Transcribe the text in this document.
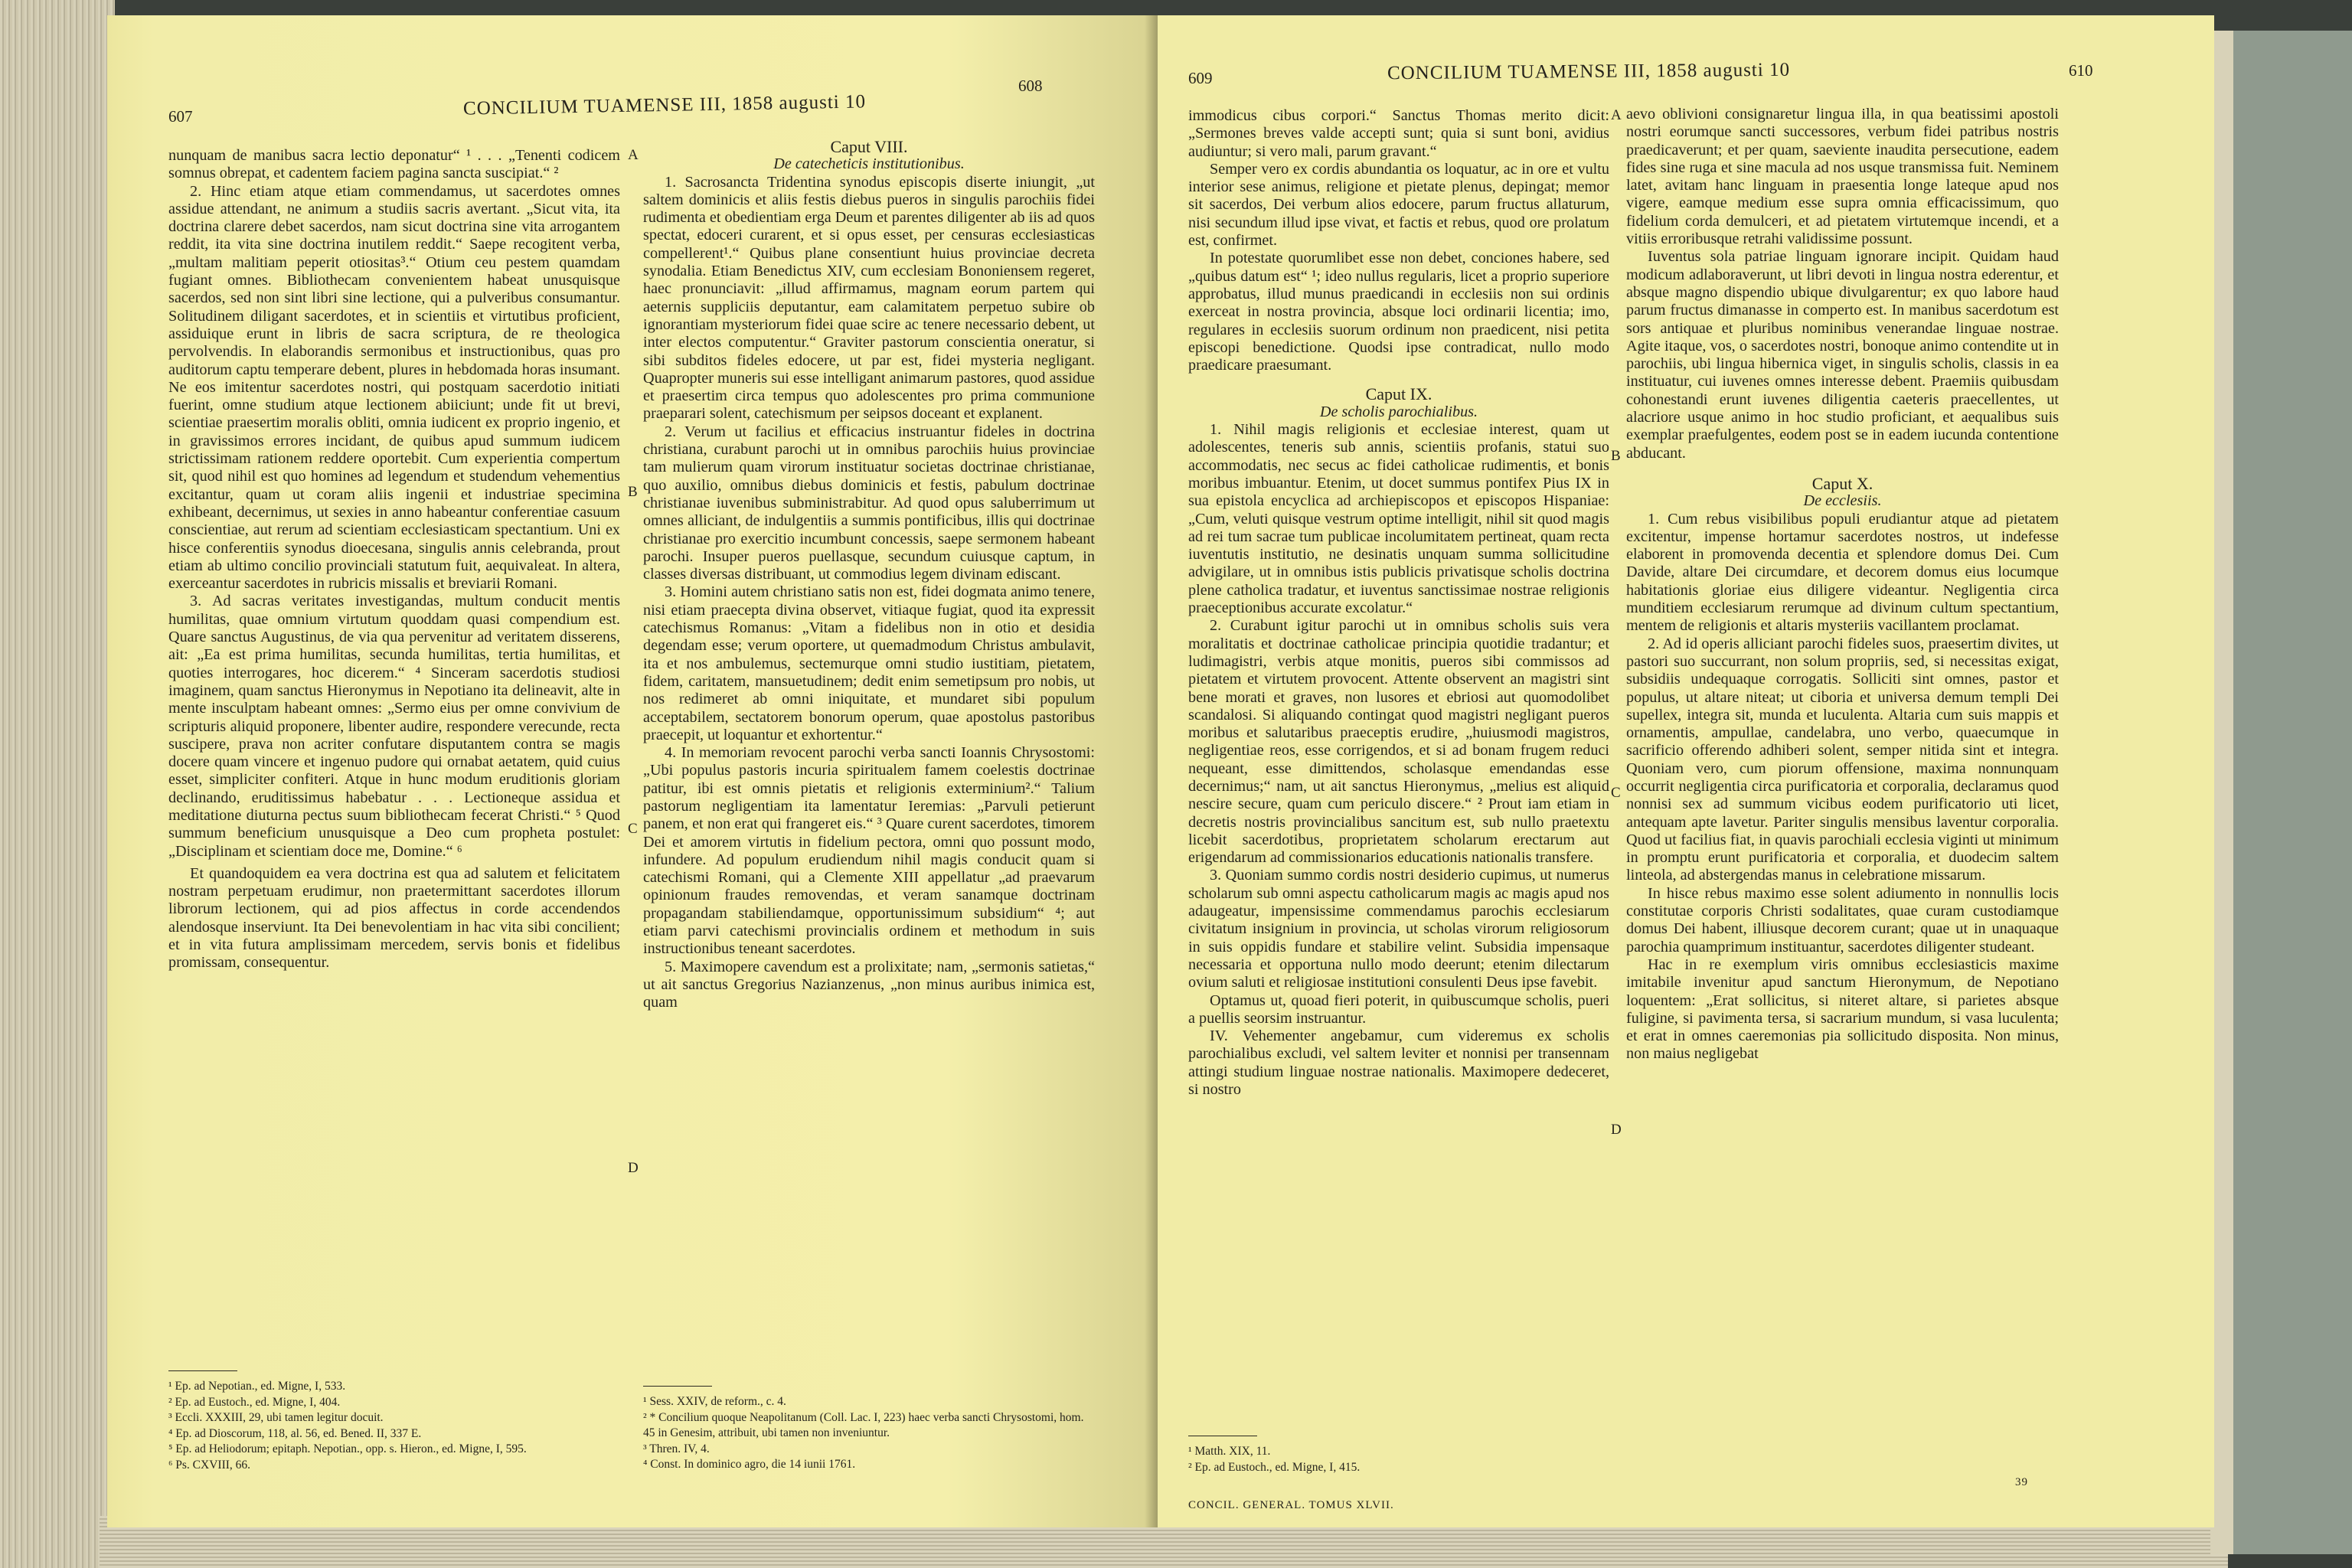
607	CONCILIUM TUAMENSE III, 1858 augusti 10
608

nunquam de manibus sacra lectio deponatur“ ¹ . . . „Tenenti codicem somnus obrepat, et cadentem faciem pagina sancta suscipiat.“ ²

2. Hinc etiam atque etiam commendamus, ut sacerdotes omnes assidue attendant, ne animum a studiis sacris avertant. „Sicut vita, ita doctrina clarere debet sacerdos, nam sicut doctrina sine vita arrogantem reddit, ita vita sine doctrina inutilem reddit.“ Saepe recogitent verba, „multam malitiam peperit otiositas³.“ Otium ceu pestem quamdam fugiant omnes. Bibliothecam convenientem habeat unusquisque sacerdos, sed non sint libri sine lectione, qui a pulveribus consumantur. Solitudinem diligant sacerdotes, et in scientiis et virtutibus proficient, assiduique erunt in libris de sacra scriptura, de re theologica pervolvendis. In elaborandis sermonibus et instructionibus, quas pro auditorum captu temperare debent, plures in hebdomada horas insumant. Ne eos imitentur sacerdotes nostri, qui postquam sacerdotio initiati fuerint, omne studium atque lectionem abiiciunt; unde fit ut brevi, scientiae praesertim moralis obliti, omnia iudicent ex proprio ingenio, et in gravissimos errores incidant, de quibus apud summum iudicem strictissimam rationem reddere oportebit. Cum experientia compertum sit, quod nihil est quo homines ad legendum et studendum vehementius excitantur, quam ut coram aliis ingenii et industriae specimina exhibeant, decernimus, ut sexies in anno habeantur conferentiae casuum conscientiae, aut rerum ad scientiam ecclesiasticam spectantium. Uni ex hisce conferentiis synodus dioecesana, singulis annis celebranda, prout etiam ab ultimo concilio provinciali statutum fuit, aequivaleat. In altera, exerceantur sacerdotes in rubricis missalis et breviarii Romani.

3. Ad sacras veritates investigandas, multum conducit mentis humilitas, quae omnium virtutum quoddam quasi compendium est. Quare sanctus Augustinus, de via qua pervenitur ad veritatem disserens, ait: „Ea est prima humilitas, secunda humilitas, tertia humilitas, et quoties interrogares, hoc dicerem.“ ⁴ Sinceram sacerdotis studiosi imaginem, quam sanctus Hieronymus in Nepotiano ita delineavit, alte in mente insculptam habeant omnes: „Sermo eius per omne convivium de scripturis aliquid proponere, libenter audire, respondere verecunde, recta suscipere, prava non acriter confutare disputantem contra se magis docere quam vincere et ingenuo pudore qui ornabat aetatem, quid cuius esset, simpliciter confiteri. Atque in hunc modum eruditionis gloriam declinando, eruditissimus habebatur . . . Lectioneque assidua et meditatione diuturna pectus suum bibliothecam fecerat Christi.“ ⁵ Quod summum beneficium unusquisque a Deo cum propheta postulet: „Disciplinam et scientiam doce me, Domine.“ ⁶

Et quandoquidem ea vera doctrina est qua ad salutem et felicitatem nostram perpetuam erudimur, non praetermittant sacerdotes illorum librorum lectionem, qui ad pios affectus in corde accendendos alendosque inserviunt. Ita Dei benevolentiam in hac vita sibi concilient; et in vita futura amplissimam mercedem, servis bonis et fidelibus promissam, consequentur.

A
B
C
D

Caput VIII.

De catecheticis institutionibus.

1. Sacrosancta Tridentina synodus episcopis diserte iniungit, „ut saltem dominicis et aliis festis diebus pueros in singulis parochiis fidei rudimenta et obedientiam erga Deum et parentes diligenter ab iis ad quos spectat, edoceri curarent, et si opus esset, per censuras ecclesiasticas compellerent¹.“ Quibus plane consentiunt huius provinciae decreta synodalia. Etiam Benedictus XIV, cum ecclesiam Bononiensem regeret, haec pronunciavit: „illud affirmamus, magnam eorum partem qui aeternis suppliciis deputantur, eam calamitatem perpetuo subire ob ignorantiam mysteriorum fidei quae scire ac tenere necessario debent, ut inter electos computentur.“ Graviter pastorum conscientia oneratur, si sibi subditos fideles edocere, ut par est, fidei mysteria negligant. Quapropter muneris sui esse intelligant animarum pastores, quod assidue et praesertim circa tempus quo adolescentes pro prima communione praeparari solent, catechismum per seipsos doceant et explanent.

2. Verum ut facilius et efficacius instruantur fideles in doctrina christiana, curabunt parochi ut in omnibus parochiis huius provinciae tam mulierum quam virorum instituatur societas doctrinae christianae, quo auxilio, omnibus diebus dominicis et festis, pabulum doctrinae christianae iuvenibus subministrabitur. Ad quod opus saluberrimum ut omnes alliciant, de indulgentiis a summis pontificibus, illis qui doctrinae christianae pro exercitio incumbunt concessis, saepe sermonem habeant parochi. Insuper pueros puellasque, secundum cuiusque captum, in classes diversas distribuant, ut commodius legem divinam ediscant.

3. Homini autem christiano satis non est, fidei dogmata animo tenere, nisi etiam praecepta divina observet, vitiaque fugiat, quod ita expressit catechismus Romanus: „Vitam a fidelibus non in otio et desidia degendam esse; verum oportere, ut quemadmodum Christus ambulavit, ita et nos ambulemus, sectemurque omni studio iustitiam, pietatem, fidem, caritatem, mansuetudinem; dedit enim semetipsum pro nobis, ut nos redimeret ab omni iniquitate, et mundaret sibi populum acceptabilem, sectatorem bonorum operum, quae apostolus pastoribus praecepit, ut loquantur et exhortentur.“

4. In memoriam revocent parochi verba sancti Ioannis Chrysostomi: „Ubi populus pastoris incuria spiritualem famem coelestis doctrinae patitur, ibi est omnis pietatis et religionis exterminium².“ Talium pastorum negligentiam ita lamentatur Ieremias: „Parvuli petierunt panem, et non erat qui frangeret eis.“ ³ Quare curent sacerdotes, timorem Dei et amorem virtutis in fidelium pectora, omni quo possunt modo, infundere. Ad populum erudiendum nihil magis conducit quam si catechismi Romani, qui a Clemente XIII appellatur „ad praevarum opinionum fraudes removendas, et veram sanamque doctrinam propagandam stabiliendamque, opportunissimum subsidium“ ⁴; aut etiam parvi catechismi provincialis ordinem et methodum in suis instructionibus teneant sacerdotes.

5. Maximopere cavendum est a prolixitate; nam, „sermonis satietas,“ ut ait sanctus Gregorius Nazianzenus, „non minus auribus inimica est, quam

¹ Ep. ad Nepotian., ed. Migne, I, 533.
² Ep. ad Eustoch., ed. Migne, I, 404.
³ Eccli. XXXIII, 29, ubi tamen legitur docuit.
⁴ Ep. ad Dioscorum, 118, al. 56, ed. Bened. II, 337 E.
⁵ Ep. ad Heliodorum; epitaph. Nepotian., opp. s. Hieron., ed. Migne, I, 595.
⁶ Ps. CXVIII, 66.
¹ Sess. XXIV, de reform., c. 4.
² * Concilium quoque Neapolitanum (Coll. Lac. I, 223) haec verba sancti Chrysostomi, hom. 45 in Genesim, attribuit, ubi tamen non inveniuntur.
³ Thren. IV, 4.
⁴ Const. In dominico agro, die 14 iunii 1761.
609	CONCILIUM TUAMENSE III, 1858 augusti 10	610

immodicus cibus corpori.“ Sanctus Thomas merito dicit: „Sermones breves valde accepti sunt; quia si sunt boni, avidius audiuntur; si vero mali, parum gravant.“

Semper vero ex cordis abundantia os loquatur, ac in ore et vultu interior sese animus, religione et pietate plenus, depingat; memor sit sacerdos, Dei verbum alios edocere, parum fructus allaturum, nisi secundum illud ipse vivat, et factis et rebus, quod ore prolatum est, confirmet.

In potestate quorumlibet esse non debet, conciones habere, sed „quibus datum est“ ¹; ideo nullus regularis, licet a proprio superiore approbatus, illud munus praedicandi in ecclesiis non sui ordinis exerceat in nostra provincia, absque loci ordinarii licentia; imo, regulares in ecclesiis suorum ordinum non praedicent, nisi petita episcopi benedictione. Quodsi ipse contradicat, nullo modo praedicare praesumant.

Caput IX.

De scholis parochialibus.

1. Nihil magis religionis et ecclesiae interest, quam ut adolescentes, teneris sub annis, scientiis profanis, statui suo accommodatis, nec secus ac fidei catholicae rudimentis, et bonis moribus imbuantur. Etenim, ut docet summus pontifex Pius IX in sua epistola encyclica ad archiepiscopos et episcopos Hispaniae: „Cum, veluti quisque vestrum optime intelligit, nihil sit quod magis ad rei tum sacrae tum publicae incolumitatem pertineat, quam recta iuventutis institutio, ne desinatis unquam summa sollicitudine advigilare, ut in omnibus istis publicis privatisque scholis doctrina plene catholica tradatur, et iuventus sanctissimae nostrae religionis praeceptionibus accurate excolatur.“

2. Curabunt igitur parochi ut in omnibus scholis suis vera moralitatis et doctrinae catholicae principia quotidie tradantur; et ludimagistri, verbis atque monitis, pueros sibi commissos ad pietatem et virtutem provocent. Attente observent an magistri sint bene morati et graves, non lusores et ebriosi aut quomodolibet scandalosi. Si aliquando contingat quod magistri negligant pueros moribus et salutaribus praeceptis erudire, „huiusmodi magistros, negligentiae reos, esse corrigendos, et si ad bonam frugem reduci nequeant, esse dimittendos, scholasque emendandas esse decernimus;“ nam, ut ait sanctus Hieronymus, „melius est aliquid nescire secure, quam cum periculo discere.“ ² Prout iam etiam in decretis nostris provincialibus sancitum est, sub nullo praetextu licebit sacerdotibus, proprietatem scholarum erectarum aut erigendarum ad commissionarios educationis nationalis transfere.

3. Quoniam summo cordis nostri desiderio cupimus, ut numerus scholarum sub omni aspectu catholicarum magis ac magis apud nos adaugeatur, impensissime commendamus parochis ecclesiarum civitatum insignium in provincia, ut scholas virorum religiosorum in suis oppidis fundare et stabilire velint. Subsidia impensaque necessaria et opportuna nullo modo deerunt; etenim dilectarum ovium saluti et religiosae institutioni consulenti Deus ipse favebit.

Optamus ut, quoad fieri poterit, in quibuscumque scholis, pueri a puellis seorsim instruantur.

IV. Vehementer angebamur, cum videremus ex scholis parochialibus excludi, vel saltem leviter et nonnisi per transennam attingi studium linguae nostrae nationalis. Maximopere dedeceret, si nostro

A
B
C
D

aevo oblivioni consignaretur lingua illa, in qua beatissimi apostoli nostri eorumque sancti successores, verbum fidei patribus nostris praedicaverunt; et per quam, saeviente inaudita persecutione, eadem fides sine ruga et sine macula ad nos usque transmissa fuit. Neminem latet, avitam hanc linguam in praesentia longe lateque apud nos vigere, eamque medium esse supra omnia efficacissimum, quo fidelium corda demulceri, et ad pietatem virtutemque incendi, et a vitiis erroribusque retrahi validissime possunt.

Iuventus sola patriae linguam ignorare incipit. Quidam haud modicum adlaboraverunt, ut libri devoti in lingua nostra ederentur, et absque magno dispendio ubique divulgarentur; ex quo labore haud parum fructus dimanasse in comperto est. In manibus sacerdotum est sors antiquae et pluribus nominibus venerandae linguae nostrae. Agite itaque, vos, o sacerdotes nostri, bonoque animo contendite ut in parochiis, ubi lingua hibernica viget, in singulis scholis, classis in ea instituatur, cui iuvenes omnes interesse debent. Praemiis quibusdam cohonestandi erunt iuvenes diligentia caeteris praecellentes, ut alacriore usque animo in hoc studio proficiant, et aequalibus suis exemplar praefulgentes, eodem post se in eadem iucunda contentione abducant.

Caput X.

De ecclesiis.

1. Cum rebus visibilibus populi erudiantur atque ad pietatem excitentur, impense hortamur sacerdotes nostros, ut indefesse elaborent in promovenda decentia et splendore domus Dei. Cum Davide, altare Dei circumdare, et decorem domus eius locumque habitationis gloriae eius diligere videantur. Negligentia circa munditiem ecclesiarum rerumque ad divinum cultum spectantium, mentem de religionis et altaris mysteriis vacillantem proclamat.

2. Ad id operis alliciant parochi fideles suos, praesertim divites, ut pastori suo succurrant, non solum propriis, sed, si necessitas exigat, subsidiis undequaque corrogatis. Solliciti sint omnes, pastor et populus, ut altare niteat; ut ciboria et universa demum templi Dei supellex, integra sit, munda et luculenta. Altaria cum suis mappis et ornamentis, ampullae, candelabra, uno verbo, quaecumque in sacrificio offerendo adhiberi solent, semper nitida sint et integra. Quoniam vero, cum piorum offensione, maxima nonnunquam occurrit negligentia circa purificatoria et corporalia, declaramus quod nonnisi sex ad summum vicibus eodem purificatorio uti licet, antequam apte lavetur. Pariter singulis mensibus laventur corporalia. Quod ut facilius fiat, in quavis parochiali ecclesia viginti ut minimum in promptu erunt purificatoria et corporalia, et duodecim saltem linteola, ad abstergendas manus in celebratione missarum.

In hisce rebus maximo esse solent adiumento in nonnullis locis constitutae corporis Christi sodalitates, quae curam custodiamque domus Dei habent, illiusque decorem curant; quae ut in unaquaque parochia quamprimum instituantur, sacerdotes diligenter studeant.

Hac in re exemplum viris omnibus ecclesiasticis maxime imitabile invenitur apud sanctum Hieronymum, de Nepotiano loquentem: „Erat sollicitus, si niteret altare, si parietes absque fuligine, si pavimenta tersa, si sacrarium mundum, si vasa luculenta; et erat in omnes caeremonias pia sollicitudo disposita. Non minus, non maius negligebat

¹ Matth. XIX, 11.
² Ep. ad Eustoch., ed. Migne, I, 415.
CONCIL. GENERAL. TOMUS XLVII.
39
